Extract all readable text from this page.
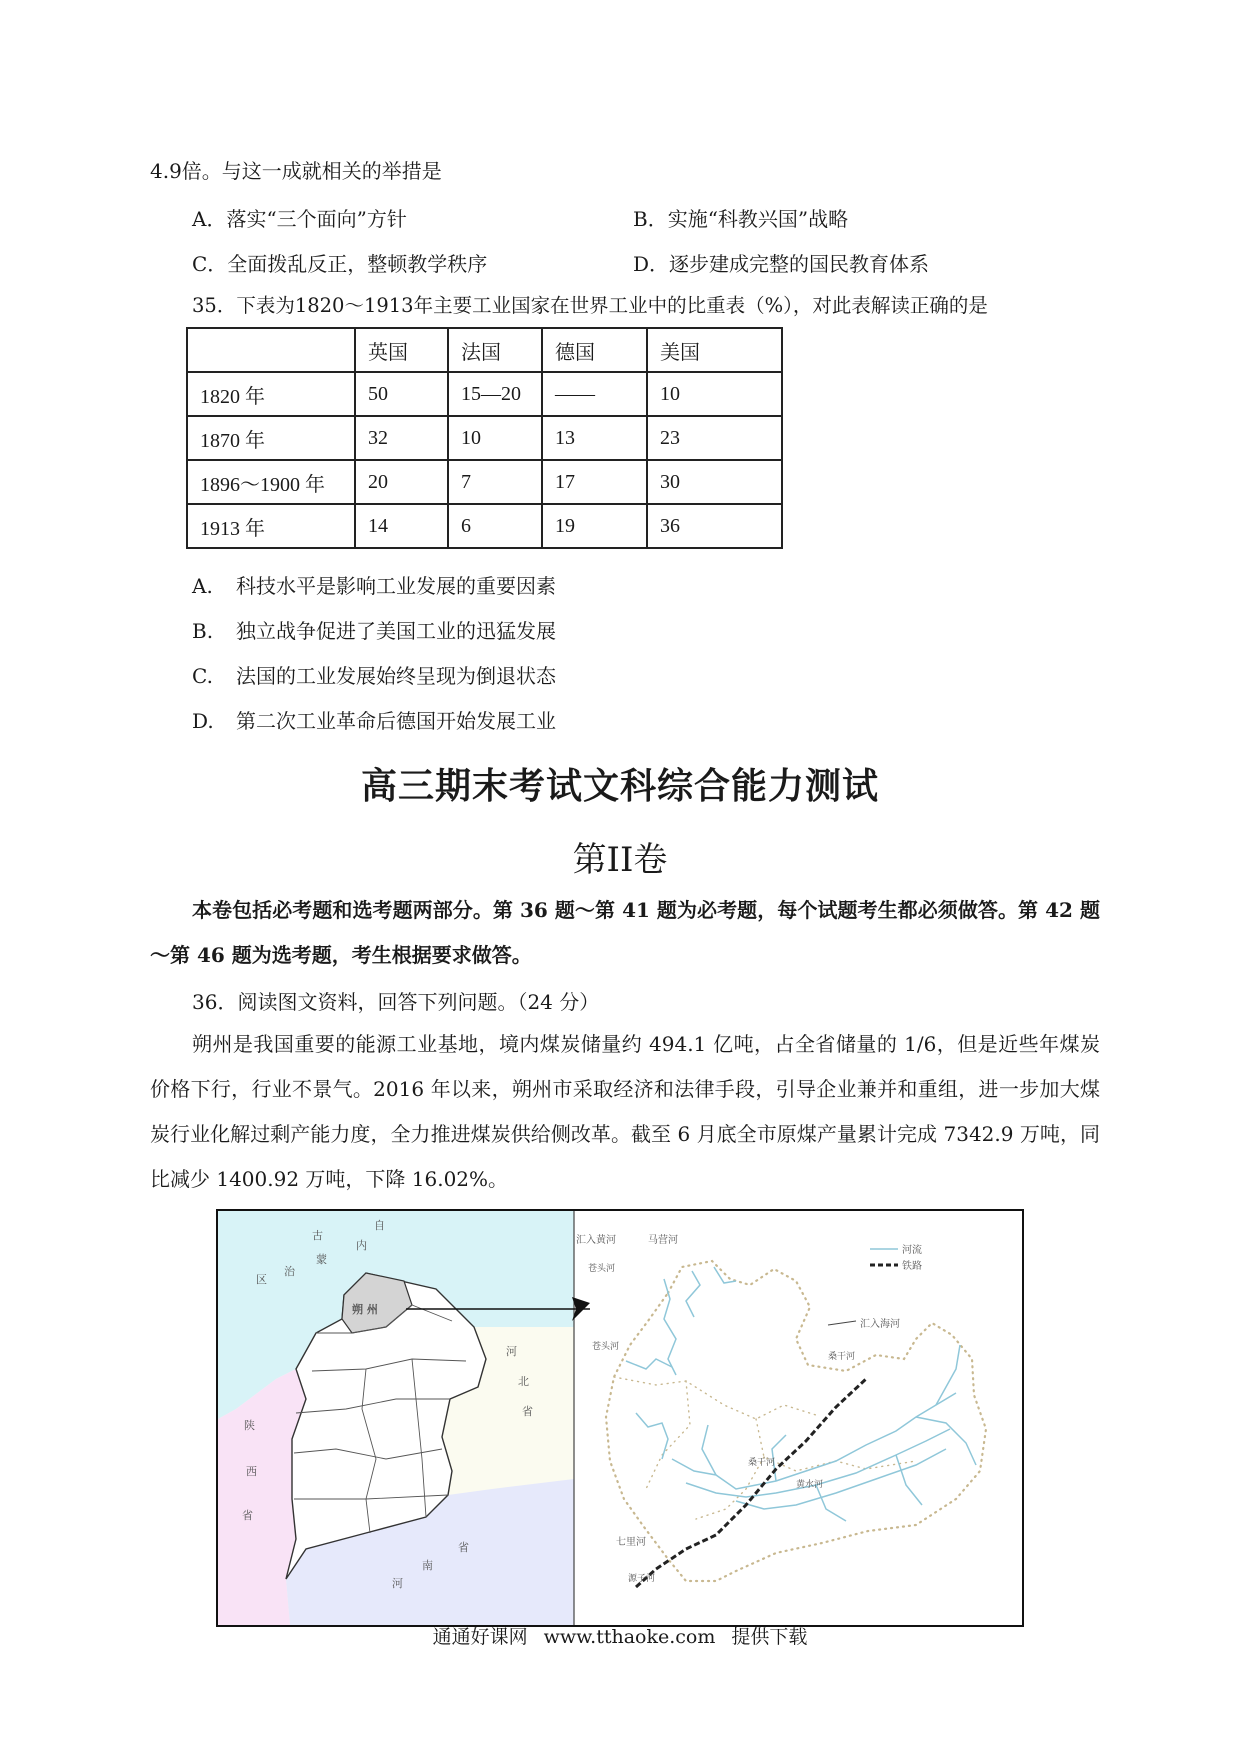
4.9倍。与这一成就相关的举措是
A．落实“三个面向”方针	B．实施“科教兴国”战略
C．全面拨乱反正，整顿教学秩序	D．逐步建成完整的国民教育体系
35．下表为1820～1913年主要工业国家在世界工业中的比重表（%），对此表解读正确的是
	英国	法国	德国	美国
1820 年	50	15—20	——	10
1870 年	32	10	13	23
1896～1900 年	20	7	17	30
1913 年	14	6	19	36
A. 科技水平是影响工业发展的重要因素
B. 独立战争促进了美国工业的迅猛发展
C. 法国的工业发展始终呈现为倒退状态
D. 第二次工业革命后德国开始发展工业
高三期末考试文科综合能力测试
第II卷
本卷包括必考题和选考题两部分。第 36 题～第 41 题为必考题，每个试题考生都必须做答。第 42 题～第 46 题为选考题，考生根据要求做答。
36．阅读图文资料，回答下列问题。（24 分）
朔州是我国重要的能源工业基地，境内煤炭储量约 494.1 亿吨，占全省储量的 1/6，但是近些年煤炭价格下行，行业不景气。2016 年以来，朔州市采取经济和法律手段，引导企业兼并和重组，进一步加大煤炭行业化解过剩产能力度，全力推进煤炭供给侧改革。截至 6 月底全市原煤产量累计完成 7342.9 万吨，同比减少 1400.92 万吨，下降 16.02%。
朔 州
内
蒙
古
自
治
区
河
北
省
陕
西
省
河
南
省
汇入黄河	马营河
河流
铁路
汇入海河
桑干河
苍头河
苍头河
桑干河
黄水河
七里河
源子河
通通好课网 www.tthaoke.com 提供下载
